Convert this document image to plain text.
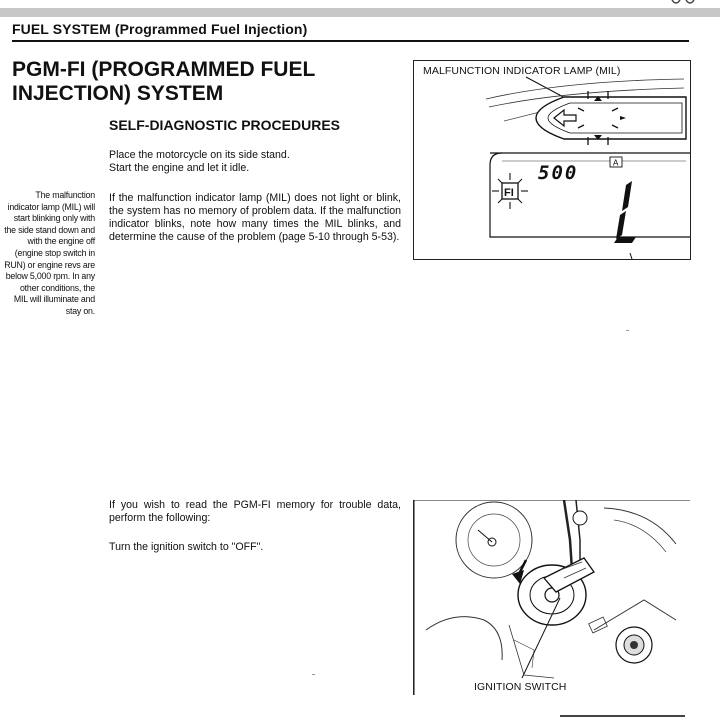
FUEL SYSTEM (Programmed Fuel Injection)
PGM-FI (PROGRAMMED FUEL
INJECTION) SYSTEM
SELF-DIAGNOSTIC PROCEDURES

Place the motorcycle on its side stand.

Start the engine and let it idle.

If the malfunction indicator lamp (MIL) does not light or blink, the system has no memory of problem data. If the malfunction indicator blinks, note how many times the MIL blinks, and determine the cause of the problem (page 5-10 through 5-53).

The malfunction indicator lamp (MIL) will start blinking only with the side stand down and with the engine off (engine stop switch in RUN) or engine revs are below 5,000 rpm. In any other conditions, the MIL will illuminate and stay on.
MALFUNCTION INDICATOR LAMP (MIL)
A
500
FI

If you wish to read the PGM-FI memory for trouble data, perform the following:

Turn the ignition switch to "OFF".

IGNITION SWITCH
